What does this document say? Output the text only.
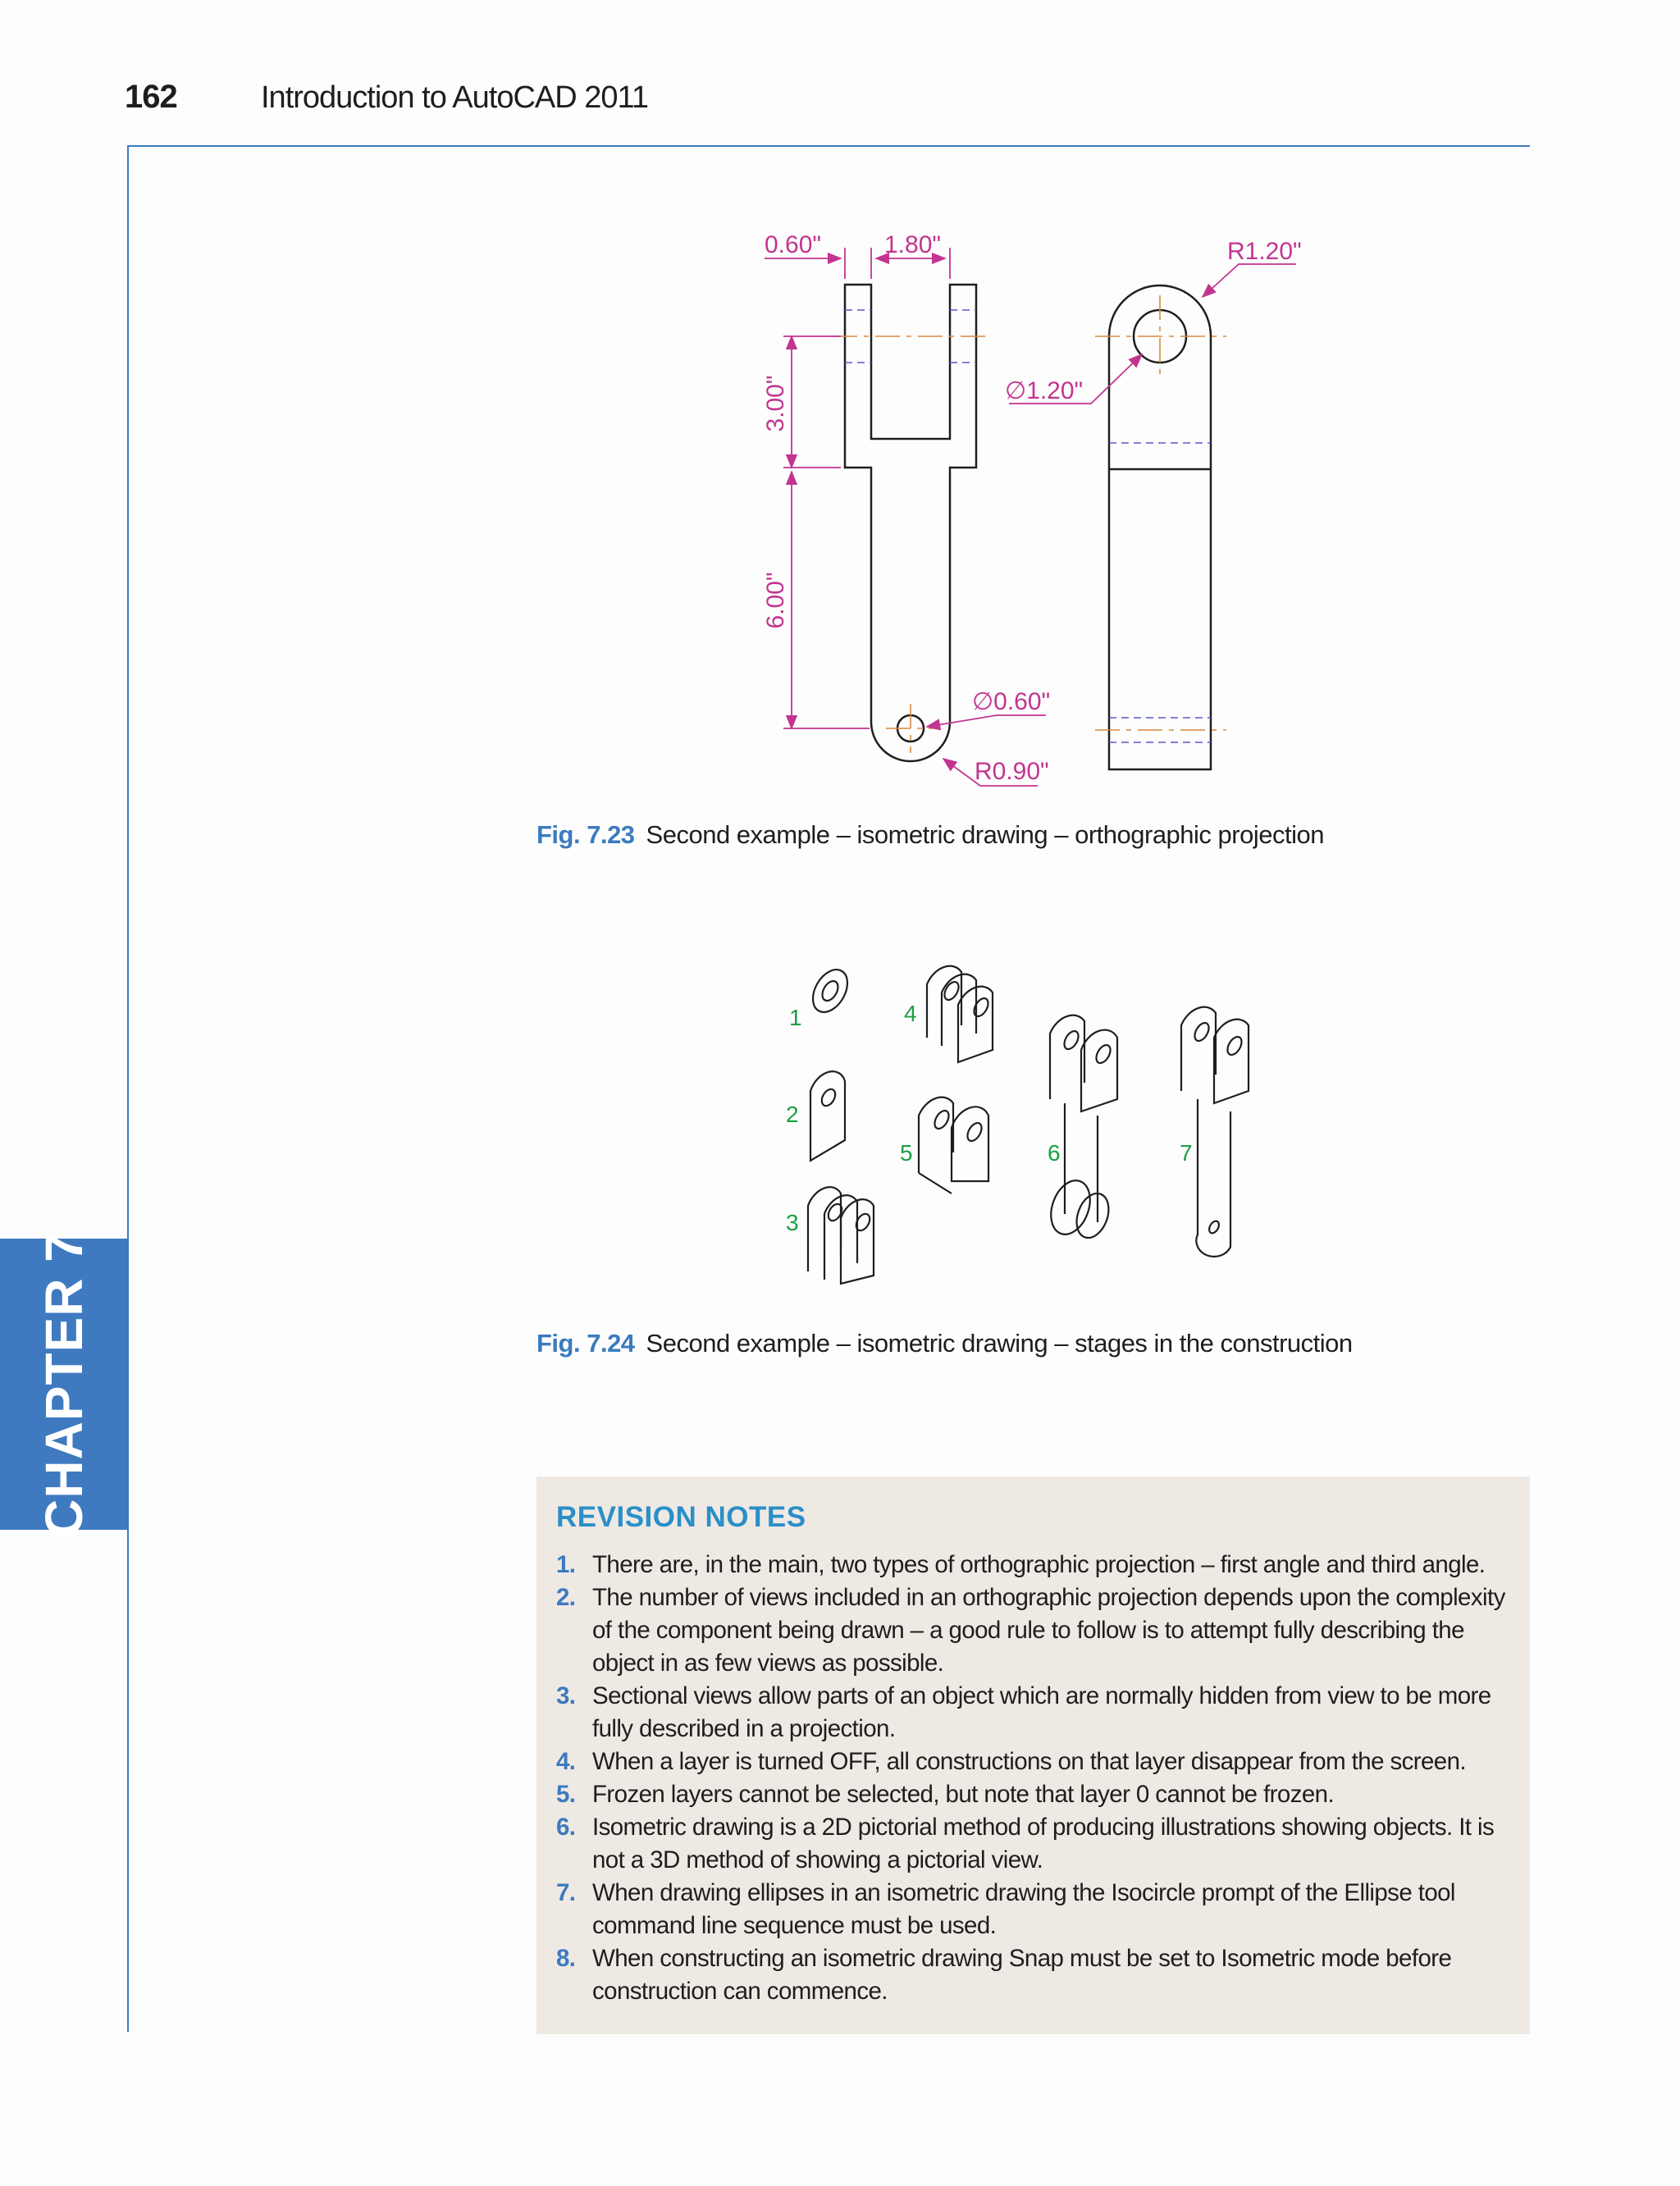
162	Introduction to AutoCAD 2011
CHAPTER 7
0.60"	1.80"	R1.20"
3.00"
6.00"
∅1.20"
∅0.60"
R0.90"
Fig. 7.23 Second example – isometric drawing – orthographic projection
1
2
3
4
5	6	7
Fig. 7.24 Second example – isometric drawing – stages in the construction
REVISION NOTES
1. There are, in the main, two types of orthographic projection – first angle and third angle.
2. The number of views included in an orthographic projection depends upon the complexity of the component being drawn – a good rule to follow is to attempt fully describing the object in as few views as possible.
3. Sectional views allow parts of an object which are normally hidden from view to be more fully described in a projection.
4. When a layer is turned OFF, all constructions on that layer disappear from the screen.
5. Frozen layers cannot be selected, but note that layer 0 cannot be frozen.
6. Isometric drawing is a 2D pictorial method of producing illustrations showing objects. It is not a 3D method of showing a pictorial view.
7. When drawing ellipses in an isometric drawing the Isocircle prompt of the Ellipse tool command line sequence must be used.
8. When constructing an isometric drawing Snap must be set to Isometric mode before construction can commence.
